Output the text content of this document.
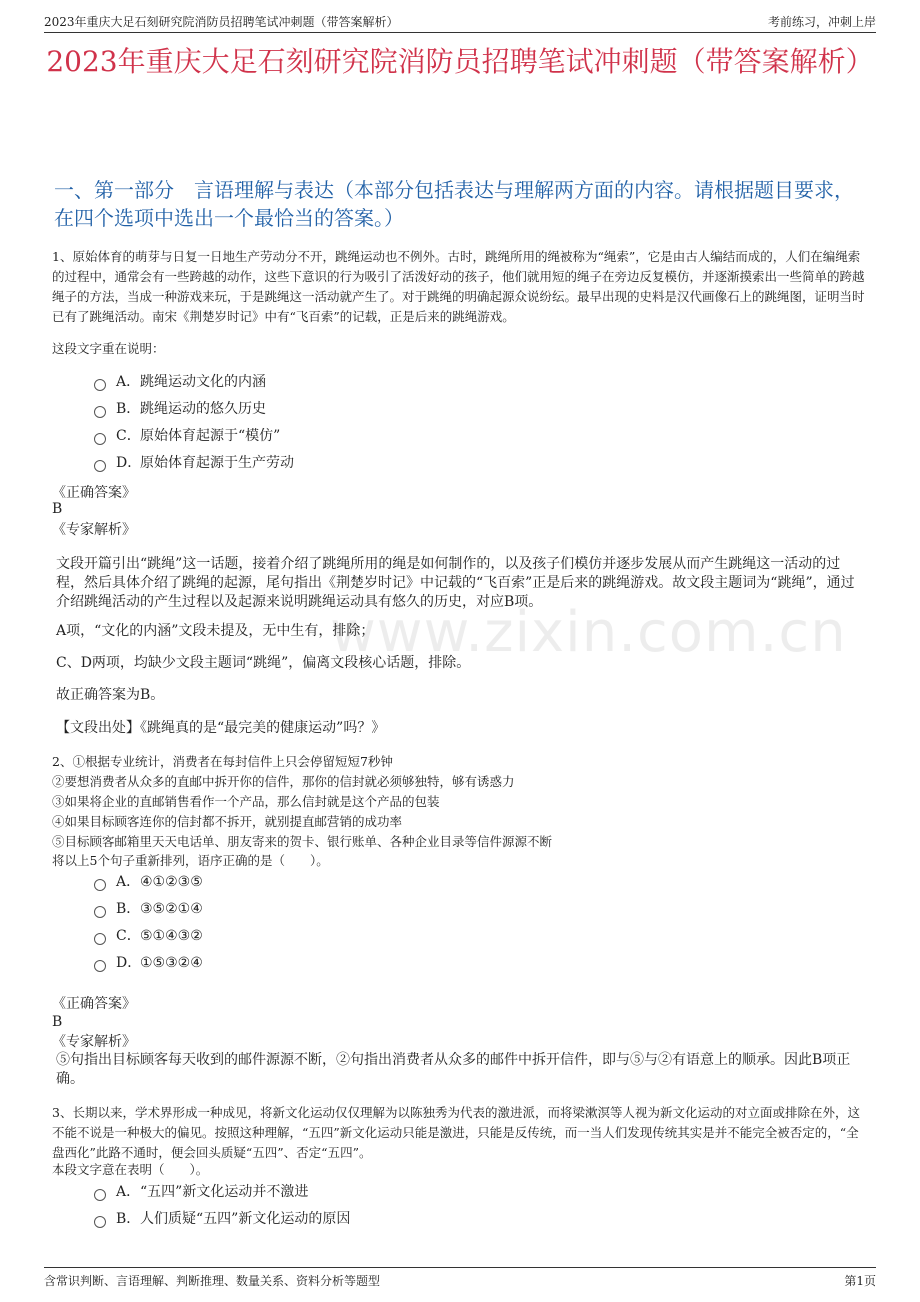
2023年重庆大足石刻研究院消防员招聘笔试冲刺题（带答案解析）	考前练习，冲刺上岸
2023年重庆大足石刻研究院消防员招聘笔试冲刺题（带答案解析）
一、第一部分　言语理解与表达（本部分包括表达与理解两方面的内容。请根据题目要求，在四个选项中选出一个最恰当的答案。）
www.zixin.com.cn
1、原始体育的萌芽与日复一日地生产劳动分不开，跳绳运动也不例外。古时，跳绳所用的绳被称为“绳索”，它是由古人编结而成的，人们在编绳索的过程中，通常会有一些跨越的动作，这些下意识的行为吸引了活泼好动的孩子，他们就用短的绳子在旁边反复模仿，并逐渐摸索出一些简单的跨越绳子的方法，当成一种游戏来玩，于是跳绳这一活动就产生了。对于跳绳的明确起源众说纷纭。最早出现的史料是汉代画像石上的跳绳图，证明当时已有了跳绳活动。南宋《荆楚岁时记》中有“飞百索”的记载，正是后来的跳绳游戏。
这段文字重在说明：
A． 跳绳运动文化的内涵
B． 跳绳运动的悠久历史
C． 原始体育起源于“模仿”
D．
原始体育起源于生产劳动
《正确答案》
B
《专家解析》
文段开篇引出“跳绳”这一话题，接着介绍了跳绳所用的绳是如何制作的，以及孩子们模仿并逐步发展从而产生跳绳这一活动的过程，然后具体介绍了跳绳的起源，尾句指出《荆楚岁时记》中记载的“飞百索”正是后来的跳绳游戏。故文段主题词为“跳绳”，通过介绍跳绳活动的产生过程以及起源来说明跳绳运动具有悠久的历史，对应B项。
A项，“文化的内涵”文段未提及，无中生有，排除；
C、D两项，均缺少文段主题词“跳绳”，偏离文段核心话题，排除。
故正确答案为B。
【文段出处】《跳绳真的是“最完美的健康运动”吗？》
2、①根据专业统计，消费者在每封信件上只会停留短短7秒钟
②要想消费者从众多的直邮中拆开你的信件，那你的信封就必须够独特，够有诱惑力
③如果将企业的直邮销售看作一个产品，那么信封就是这个产品的包装
④如果目标顾客连你的信封都不拆开，就别提直邮营销的成功率
⑤目标顾客邮箱里天天电话单、朋友寄来的贺卡、银行账单、各种企业目录等信件源源不断
将以上5个句子重新排列，语序正确的是（　　）。
A． ④①②③⑤
B． ③⑤②①④
C． ⑤①④③②
D．
①⑤③②④
《正确答案》
B
《专家解析》
⑤句指出目标顾客每天收到的邮件源源不断，②句指出消费者从众多的邮件中拆开信件，即与⑤与②有语意上的顺承。因此B项正确。
3、长期以来，学术界形成一种成见，将新文化运动仅仅理解为以陈独秀为代表的激进派，而将梁漱溟等人视为新文化运动的对立面或排除在外，这不能不说是一种极大的偏见。按照这种理解，“五四”新文化运动只能是激进，只能是反传统，而一当人们发现传统其实是并不能完全被否定的，“全盘西化”此路不通时，便会回头质疑“五四”、否定“五四”。
本段文字意在表明（　　）。
A． “五四”新文化运动并不激进
B． 人们质疑“五四”新文化运动的原因
含常识判断、言语理解、判断推理、数量关系、资料分析等题型	第1页
